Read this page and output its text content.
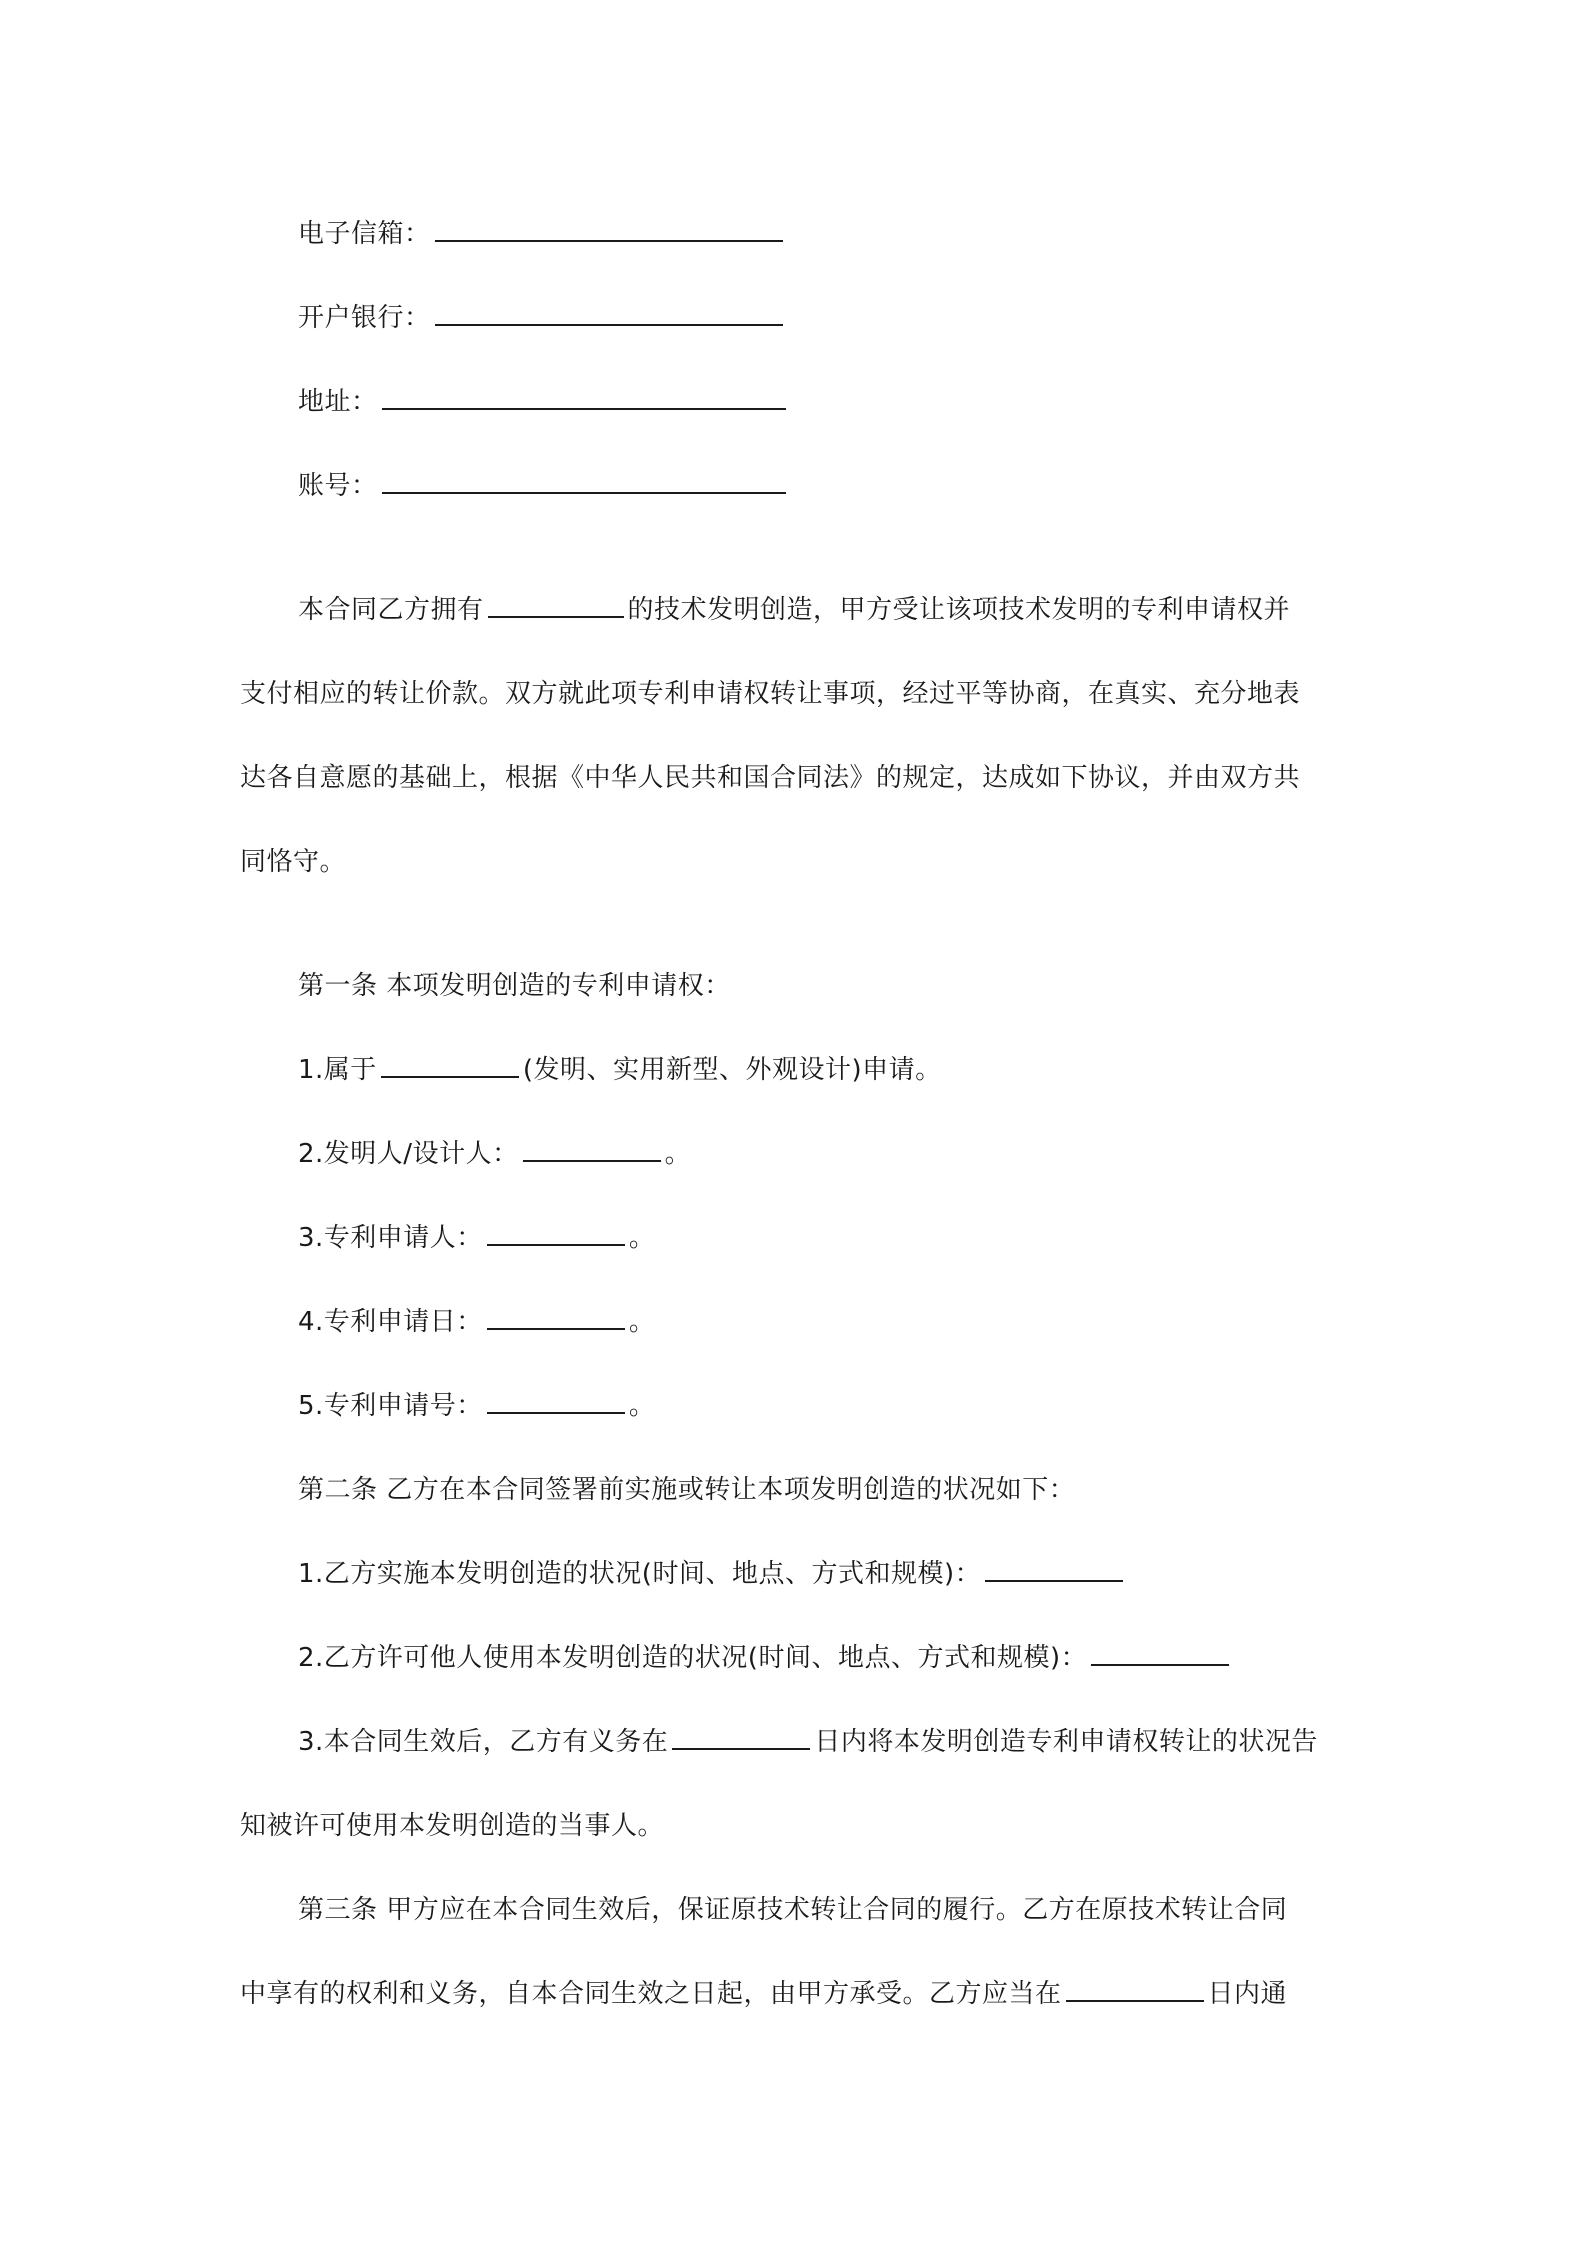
电子信箱：
开户银行：
地址：
账号：
本合同乙方拥有	的技术发明创造，甲方受让该项技术发明的专利申请权并
支付相应的转让价款。双方就此项专利申请权转让事项，经过平等协商，在真实、充分地表
达各自意愿的基础上，根据《中华人民共和国合同法》的规定，达成如下协议，并由双方共
同恪守。
第一条 本项发明创造的专利申请权：
1.属于	(发明、实用新型、外观设计)申请。
2.发明人/设计人：	。
3.专利申请人：	。
4.专利申请日：	。
5.专利申请号：	。
第二条 乙方在本合同签署前实施或转让本项发明创造的状况如下：
1.乙方实施本发明创造的状况(时间、地点、方式和规模)：
2.乙方许可他人使用本发明创造的状况(时间、地点、方式和规模)：
3.本合同生效后，乙方有义务在	日内将本发明创造专利申请权转让的状况告
知被许可使用本发明创造的当事人。
第三条 甲方应在本合同生效后，保证原技术转让合同的履行。乙方在原技术转让合同
中享有的权利和义务，自本合同生效之日起，由甲方承受。乙方应当在	日内通
